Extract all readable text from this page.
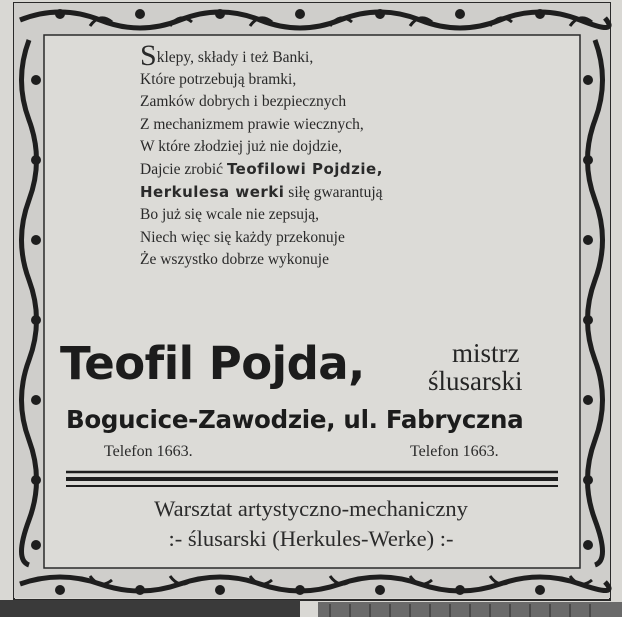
Sklepy, składy i też Banki,
Które potrzebują bramki,
Zamków dobrych i bezpiecznych
Z mechanizmem prawie wiecznych,
W które złodziej już nie dojdzie,
Dajcie zrobić Teofilowi Pojdzie,
Herkulesa werki siłę gwarantują
Bo już się wcale nie zepsują,
Niech więc się każdy przekonuje
Że wszystko dobrze wykonuje
Teofil Pojda,	mistrz
ślusarski
Bogucice-Zawodzie, ul. Fabryczna
Telefon 1663.	Telefon 1663.
Warsztat artystyczno-mechaniczny
:- ślusarski (Herkules-Werke) :-
